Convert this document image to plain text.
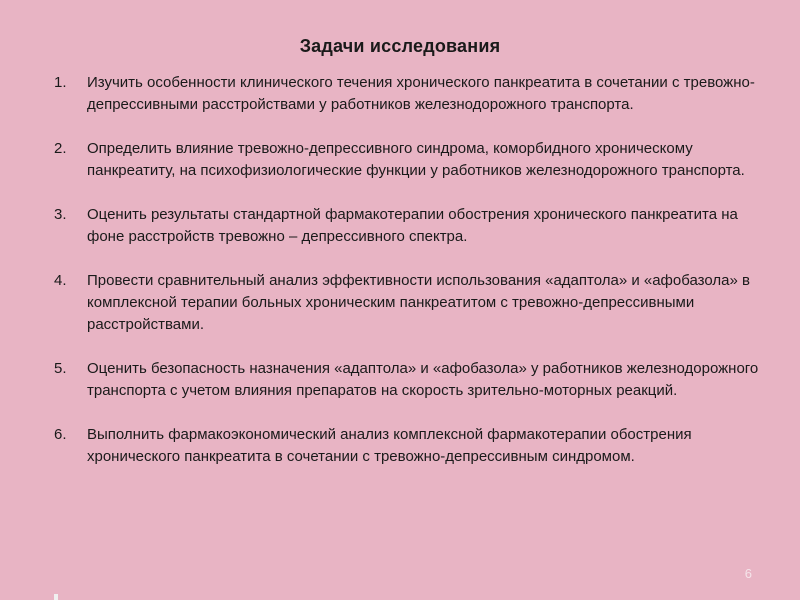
Задачи исследования
1. Изучить особенности клинического течения хронического панкреатита в сочетании с тревожно-депрессивными расстройствами у работников железнодорожного транспорта.
2. Определить влияние тревожно-депрессивного синдрома, коморбидного хроническому панкреатиту, на психофизиологические функции у работников железнодорожного транспорта.
3. Оценить результаты стандартной фармакотерапии обострения хронического панкреатита на фоне расстройств тревожно – депрессивного спектра.
4. Провести сравнительный анализ эффективности использования «адаптола» и «афобазола» в комплексной терапии больных хроническим панкреатитом с тревожно-депрессивными расстройствами.
5. Оценить безопасность назначения «адаптола» и «афобазола» у работников железнодорожного транспорта с учетом влияния препаратов на скорость зрительно-моторных реакций.
6. Выполнить фармакоэкономический анализ комплексной фармакотерапии обострения хронического панкреатита в сочетании с тревожно-депрессивным синдромом.
6
